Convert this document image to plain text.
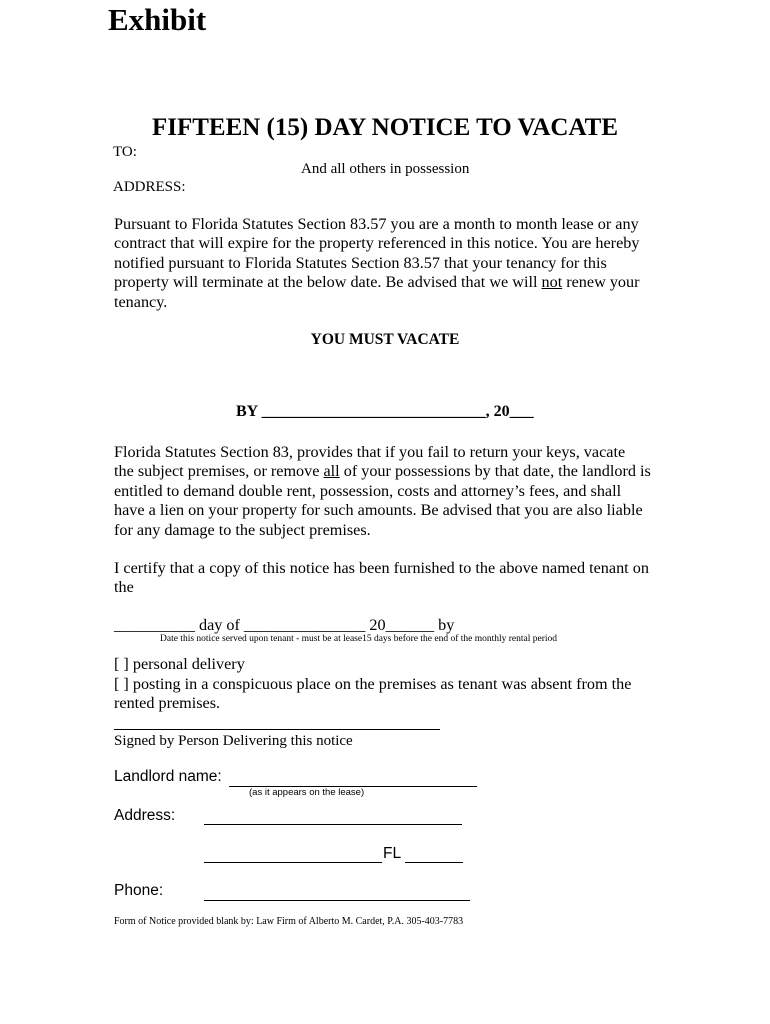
Exhibit
FIFTEEN (15) DAY NOTICE TO VACATE
TO:
And all others in possession
ADDRESS:
Pursuant to Florida Statutes Section 83.57 you are a month to month lease or any
contract that will expire for the property referenced in this notice. You are hereby
notified pursuant to Florida Statutes Section 83.57 that your tenancy for this
property will terminate at the below date. Be advised that we will not renew your
tenancy.
YOU MUST VACATE
BY ____________________________, 20___
Florida Statutes Section 83, provides that if you fail to return your keys, vacate
the subject premises, or remove all of your possessions by that date, the landlord is
entitled to demand double rent, possession, costs and attorney’s fees, and shall
have a lien on your property for such amounts. Be advised that you are also liable
for any damage to the subject premises.
I certify that a copy of this notice has been furnished to the above named tenant on
the
__________ day of _______________ 20______ by
Date this notice served upon tenant - must be at lease15 days before the end of the monthly rental period
[ ] personal delivery
[ ] posting in a conspicuous place on the premises as tenant was absent from the
rented premises.
Signed by Person Delivering this notice
Landlord name:
(as it appears on the lease)
Address:
FL
Phone:
Form of Notice provided blank by: Law Firm of Alberto M. Cardet, P.A. 305-403-7783
